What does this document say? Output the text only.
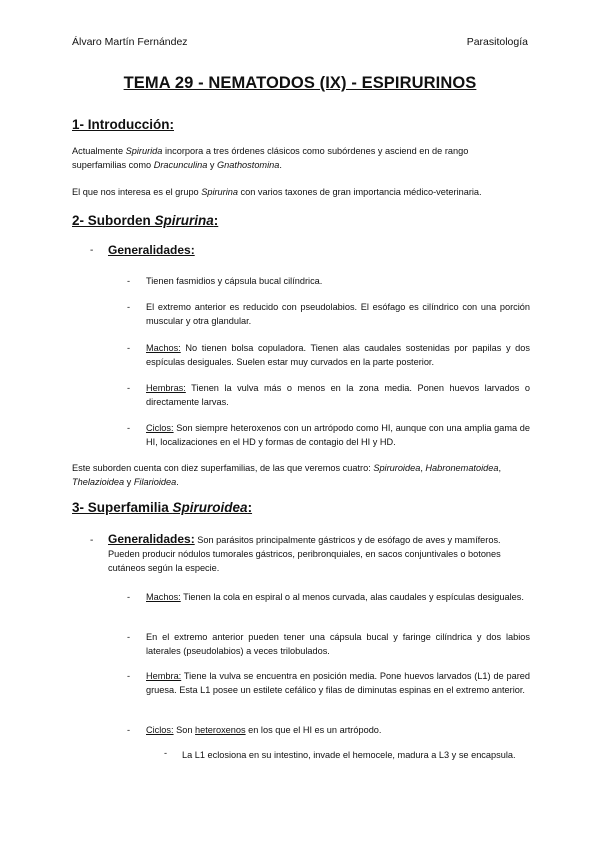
Álvaro Martín Fernández	Parasitología
TEMA 29 - NEMATODOS (IX) - ESPIRURINOS
1- Introducción:
Actualmente Spirurida incorpora a tres órdenes clásicos como subórdenes y asciend en de rango superfamilias como Dracunculina y Gnathostomina.
El que nos interesa es el grupo Spirurina con varios taxones de gran importancia médico-veterinaria.
2- Suborden Spirurina:
- Generalidades:
- Tienen fasmidios y cápsula bucal cilíndrica.
- El extremo anterior es reducido con pseudolabios. El esófago es cilíndrico con una porción muscular y otra glandular.
- Machos: No tienen bolsa copuladora. Tienen alas caudales sostenidas por papilas y dos espículas desiguales. Suelen estar muy curvados en la parte posterior.
- Hembras: Tienen la vulva más o menos en la zona media. Ponen huevos larvados o directamente larvas.
- Ciclos: Son siempre heteroxenos con un artrópodo como HI, aunque con una amplia gama de HI, localizaciones en el HD y formas de contagio del HI y HD.
Este suborden cuenta con diez superfamilias, de las que veremos cuatro: Spiruroidea, Habronematoidea, Thelazioidea y Filarioidea.
3- Superfamilia Spiruroidea:
- Generalidades: Son parásitos principalmente gástricos y de esófago de aves y mamíferos. Pueden producir nódulos tumorales gástricos, peribronquiales, en sacos conjuntivales o botones cutáneos según la especie.
- Machos: Tienen la cola en espiral o al menos curvada, alas caudales y espículas desiguales.
- En el extremo anterior pueden tener una cápsula bucal y faringe cilíndrica y dos labios laterales (pseudolabios) a veces trilobulados.
- Hembra: Tiene la vulva se encuentra en posición media. Pone huevos larvados (L1) de pared gruesa. Esta L1 posee un estilete cefálico y filas de diminutas espinas en el extremo anterior.
- Ciclos: Son heteroxenos en los que el HI es un artrópodo.
- La L1 eclosiona en su intestino, invade el hemocele, madura a L3 y se encapsula.
